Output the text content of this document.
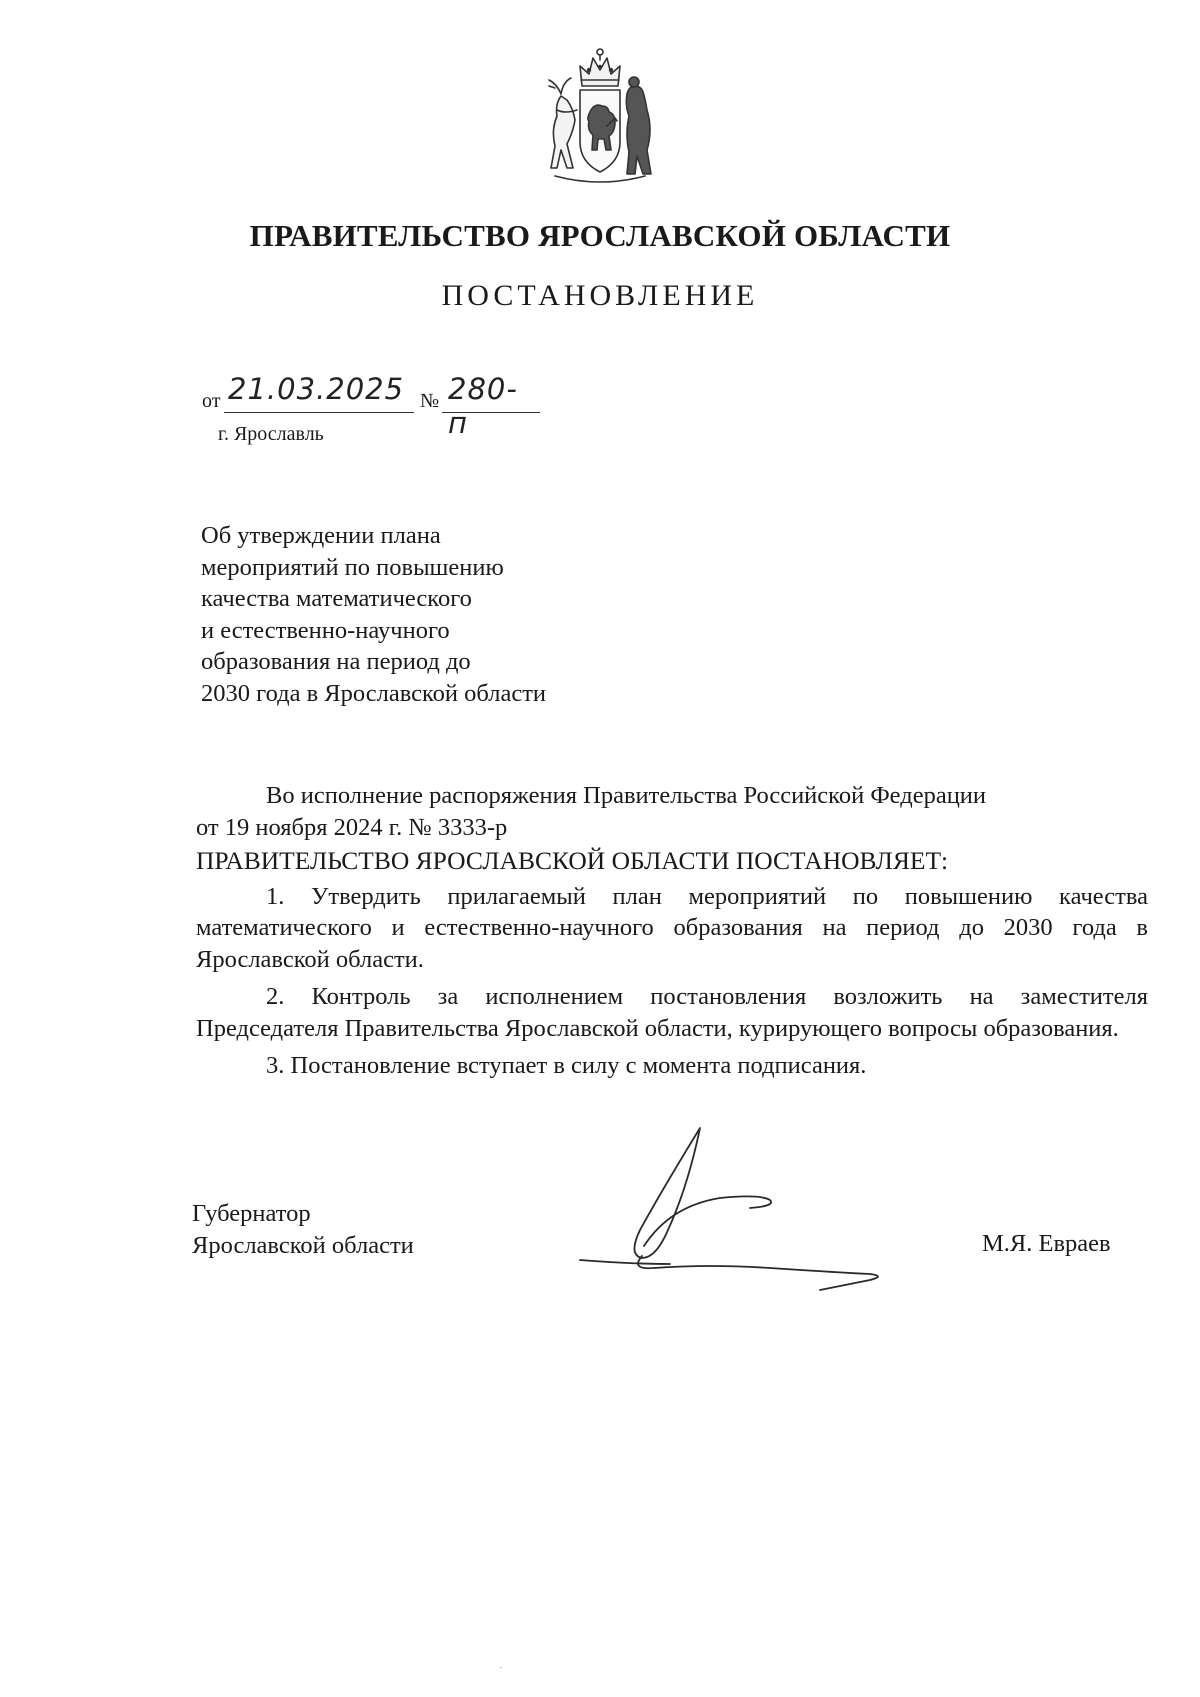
ПРАВИТЕЛЬСТВО ЯРОСЛАВСКОЙ ОБЛАСТИ
ПОСТАНОВЛЕНИЕ
от 21.03.2025 № 280-п
г. Ярославль
Об утверждении плана
мероприятий по повышению
качества математического
и естественно-научного
образования на период до
2030 года в Ярославской области

Во исполнение распоряжения Правительства Российской Федерации

от 19 ноября 2024 г. № 3333-р

ПРАВИТЕЛЬСТВО ЯРОСЛАВСКОЙ ОБЛАСТИ ПОСТАНОВЛЯЕТ:

1. Утвердить прилагаемый план мероприятий по повышению качества математического и естественно-научного образования на период до 2030 года в Ярославской области.

2. Контроль за исполнением постановления возложить на заместителя Председателя Правительства Ярославской области, курирующего вопросы образования.

3. Постановление вступает в силу с момента подписания.

Губернатор
Ярославской области	М.Я. Евраев
